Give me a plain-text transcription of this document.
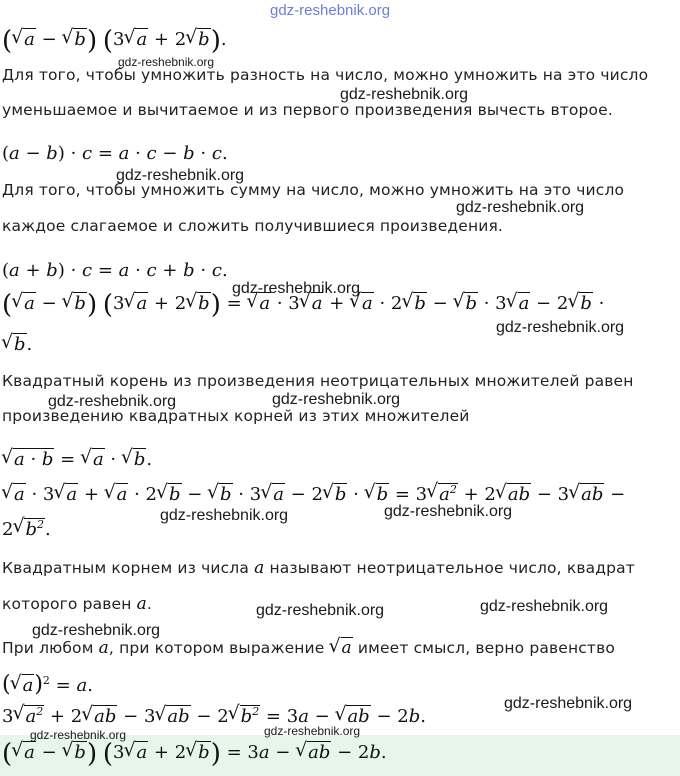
gdz-reshebnik.org
gdz-reshebnik.org
gdz-reshebnik.org
gdz-reshebnik.org
gdz-reshebnik.org
gdz-reshebnik.org
gdz-reshebnik.org
gdz-reshebnik.org	gdz-reshebnik.org
gdz-reshebnik.org	gdz-reshebnik.org
gdz-reshebnik.org	gdz-reshebnik.org
gdz-reshebnik.org
gdz-reshebnik.org
gdz-reshebnik.org	gdz-reshebnik.org
(√ a − √ b) (3√ a + 2√ b).
Для того, чтобы умножить разность на число, можно умножить на это число
уменьшаемое и вычитаемое и из первого произведения вычесть второе.
(a − b) · c = a · c − b · c.
Для того, чтобы умножить сумму на число, можно умножить на это число
каждое слагаемое и сложить получившиеся произведения.
(a + b) · c = a · c + b · c.
(√ a − √ b) (3√ a + 2√ b) = √ a · 3√ a + √ a · 2√ b − √ b · 3√ a − 2√ b ·
√ b.
Квадратный корень из произведения неотрицательных множителей равен
произведению квадратных корней из этих множителей
√ a · b = √ a · √ b.
√ a · 3√ a + √ a · 2√ b − √ b · 3√ a − 2√ b · √ b = 3√ $a^2 + 2√$ ab − 3√ ab −
2√ $b^2$.
Квадратным корнем из числа a называют неотрицательное число, квадрат
которого равен a.
При любом a, при котором выражение √ a имеет смысл, верно равенство
(√ a)$^2$ = a.
3√ $a^2 + 2√$ ab − 3√ ab − 2√ $b^2 = 3a$ − √ ab − 2b.
(√ a − √ b) (3√ a + 2√ b) = 3a − √ ab − 2b.
